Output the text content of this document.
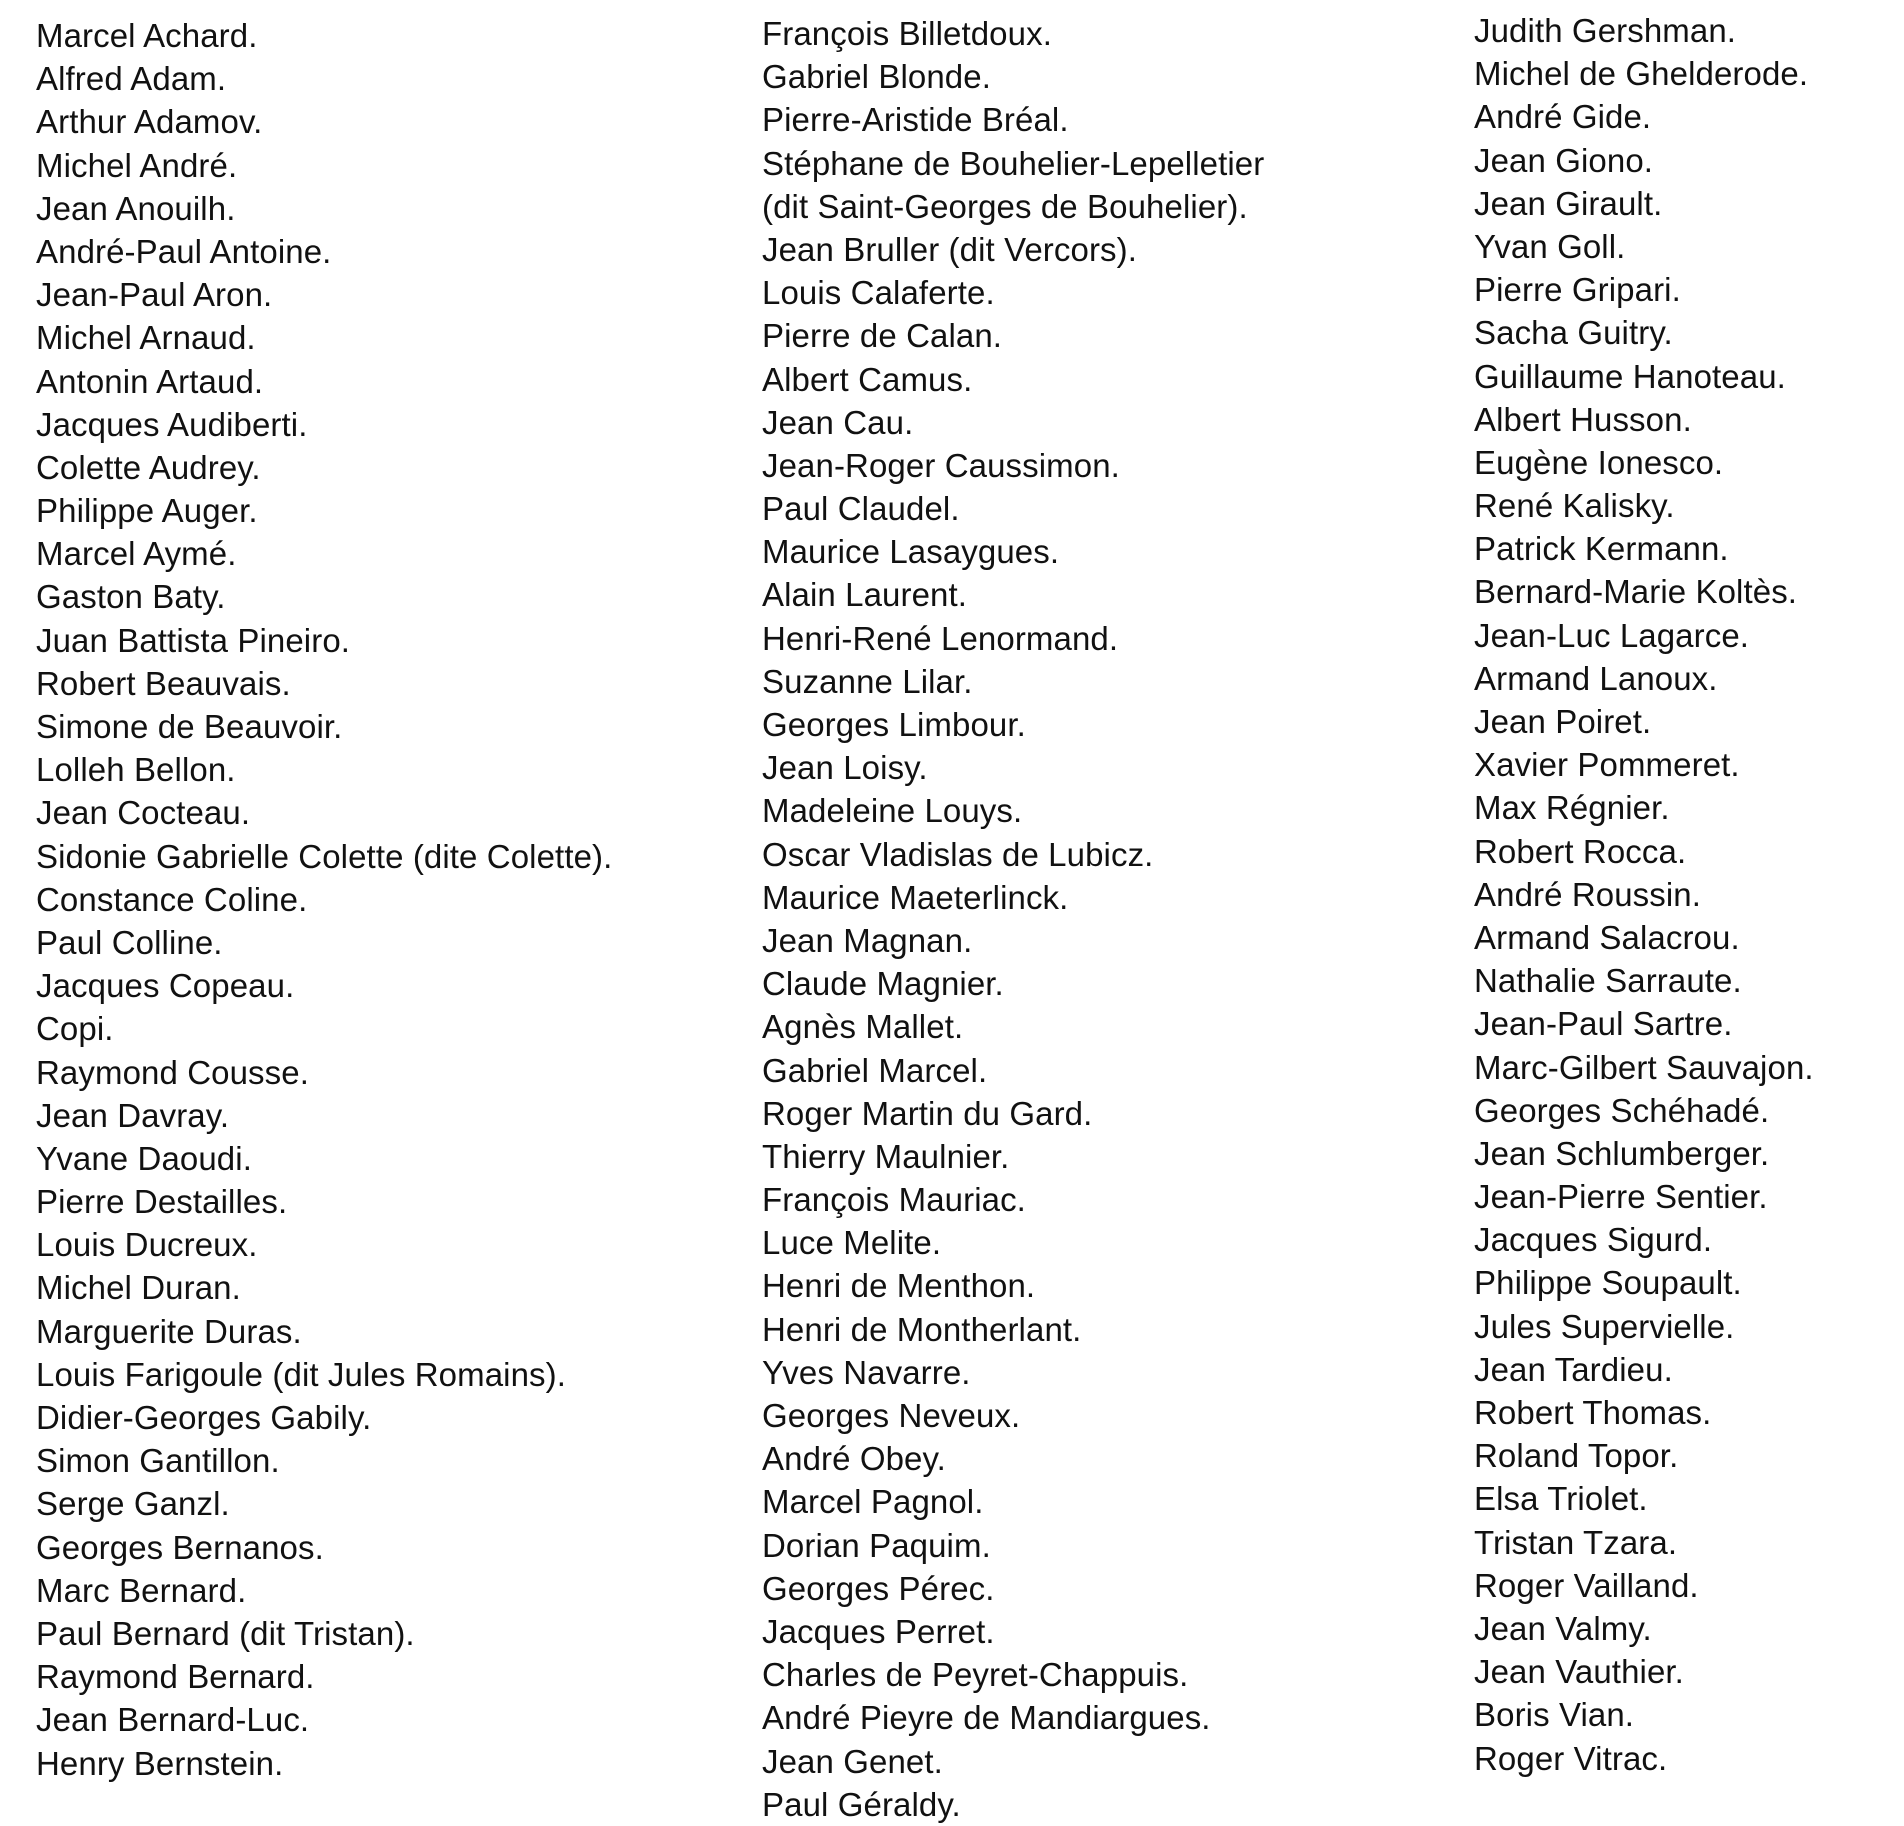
Marcel Achard.
Alfred Adam.
Arthur Adamov.
Michel André.
Jean Anouilh.
André-Paul Antoine.
Jean-Paul Aron.
Michel Arnaud.
Antonin Artaud.
Jacques Audiberti.
Colette Audrey.
Philippe Auger.
Marcel Aymé.
Gaston Baty.
Juan Battista Pineiro.
Robert Beauvais.
Simone de Beauvoir.
Lolleh Bellon.
Jean Cocteau.
Sidonie Gabrielle Colette (dite Colette).
Constance Coline.
Paul Colline.
Jacques Copeau.
Copi.
Raymond Cousse.
Jean Davray.
Yvane Daoudi.
Pierre Destailles.
Louis Ducreux.
Michel Duran.
Marguerite Duras.
Louis Farigoule (dit Jules Romains).
Didier-Georges Gabily.
Simon Gantillon.
Serge Ganzl.
Georges Bernanos.
Marc Bernard.
Paul Bernard (dit Tristan).
Raymond Bernard.
Jean Bernard-Luc.
Henry Bernstein.
François Billetdoux.
Gabriel Blonde.
Pierre-Aristide Bréal.
Stéphane de Bouhelier-Lepelletier
(dit Saint-Georges de Bouhelier).
Jean Bruller (dit Vercors).
Louis Calaferte.
Pierre de Calan.
Albert Camus.
Jean Cau.
Jean-Roger Caussimon.
Paul Claudel.
Maurice Lasaygues.
Alain Laurent.
Henri-René Lenormand.
Suzanne Lilar.
Georges Limbour.
Jean Loisy.
Madeleine Louys.
Oscar Vladislas de Lubicz.
Maurice Maeterlinck.
Jean Magnan.
Claude Magnier.
Agnès Mallet.
Gabriel Marcel.
Roger Martin du Gard.
Thierry Maulnier.
François Mauriac.
Luce Melite.
Henri de Menthon.
Henri de Montherlant.
Yves Navarre.
Georges Neveux.
André Obey.
Marcel Pagnol.
Dorian Paquim.
Georges Pérec.
Jacques Perret.
Charles de Peyret-Chappuis.
André Pieyre de Mandiargues.
Jean Genet.
Paul Géraldy.
Judith Gershman.
Michel de Ghelderode.
André Gide.
Jean Giono.
Jean Girault.
Yvan Goll.
Pierre Gripari.
Sacha Guitry.
Guillaume Hanoteau.
Albert Husson.
Eugène Ionesco.
René Kalisky.
Patrick Kermann.
Bernard-Marie Koltès.
Jean-Luc Lagarce.
Armand Lanoux.
Jean Poiret.
Xavier Pommeret.
Max Régnier.
Robert Rocca.
André Roussin.
Armand Salacrou.
Nathalie Sarraute.
Jean-Paul Sartre.
Marc-Gilbert Sauvajon.
Georges Schéhadé.
Jean Schlumberger.
Jean-Pierre Sentier.
Jacques Sigurd.
Philippe Soupault.
Jules Supervielle.
Jean Tardieu.
Robert Thomas.
Roland Topor.
Elsa Triolet.
Tristan Tzara.
Roger Vailland.
Jean Valmy.
Jean Vauthier.
Boris Vian.
Roger Vitrac.
